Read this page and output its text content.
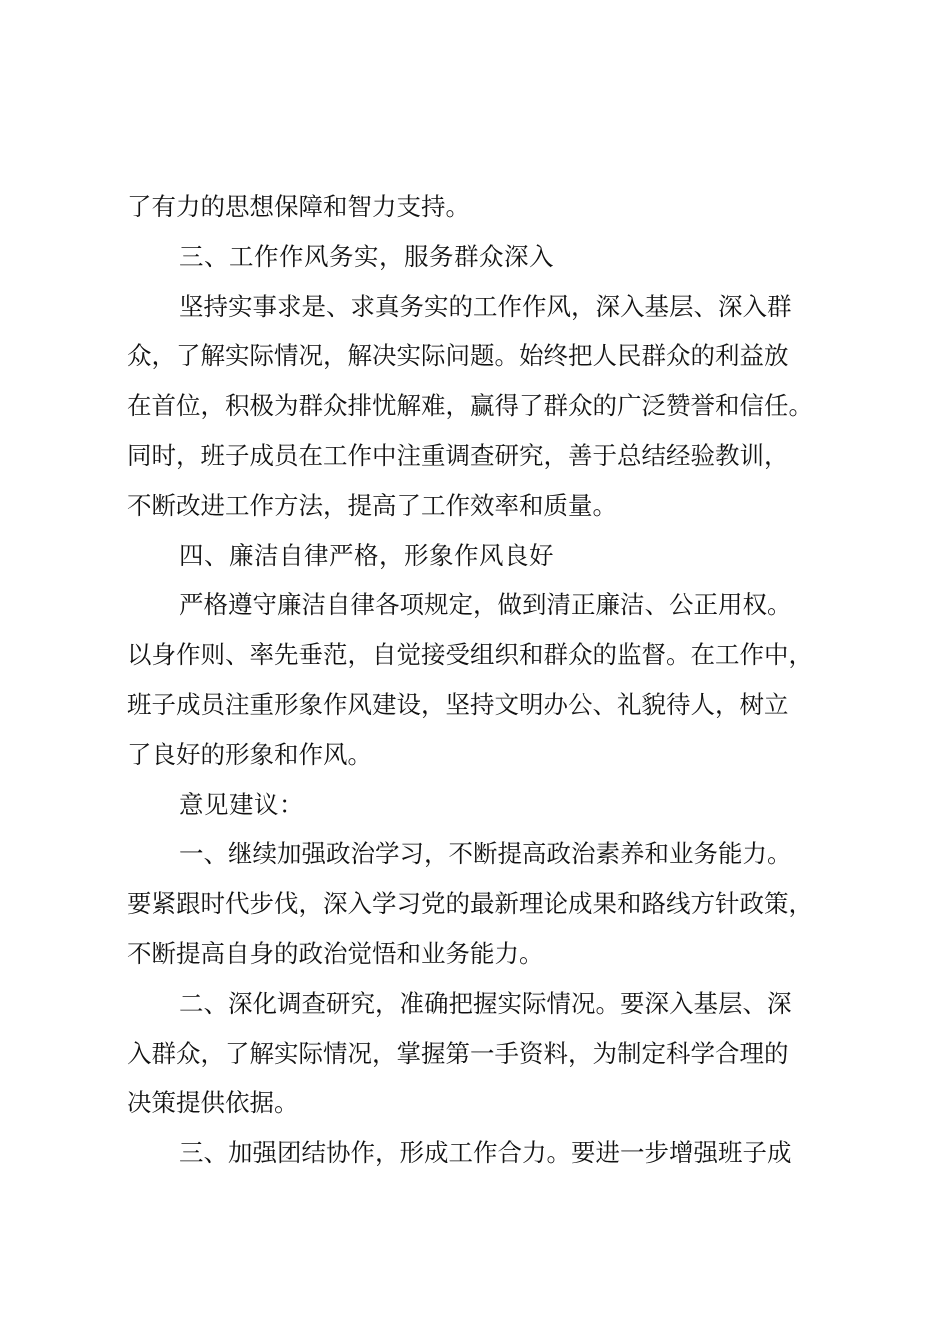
了有力的思想保障和智力支持。
三、工作作风务实，服务群众深入
坚持实事求是、求真务实的工作作风，深入基层、深入群
众，了解实际情况，解决实际问题。始终把人民群众的利益放
在首位，积极为群众排忧解难，赢得了群众的广泛赞誉和信任。
同时，班子成员在工作中注重调查研究，善于总结经验教训，
不断改进工作方法，提高了工作效率和质量。
四、廉洁自律严格，形象作风良好
严格遵守廉洁自律各项规定，做到清正廉洁、公正用权。
以身作则、率先垂范，自觉接受组织和群众的监督。在工作中，
班子成员注重形象作风建设，坚持文明办公、礼貌待人，树立
了良好的形象和作风。
意见建议：
一、继续加强政治学习，不断提高政治素养和业务能力。
要紧跟时代步伐，深入学习党的最新理论成果和路线方针政策，
不断提高自身的政治觉悟和业务能力。
二、深化调查研究，准确把握实际情况。要深入基层、深
入群众，了解实际情况，掌握第一手资料，为制定科学合理的
决策提供依据。
三、加强团结协作，形成工作合力。要进一步增强班子成
